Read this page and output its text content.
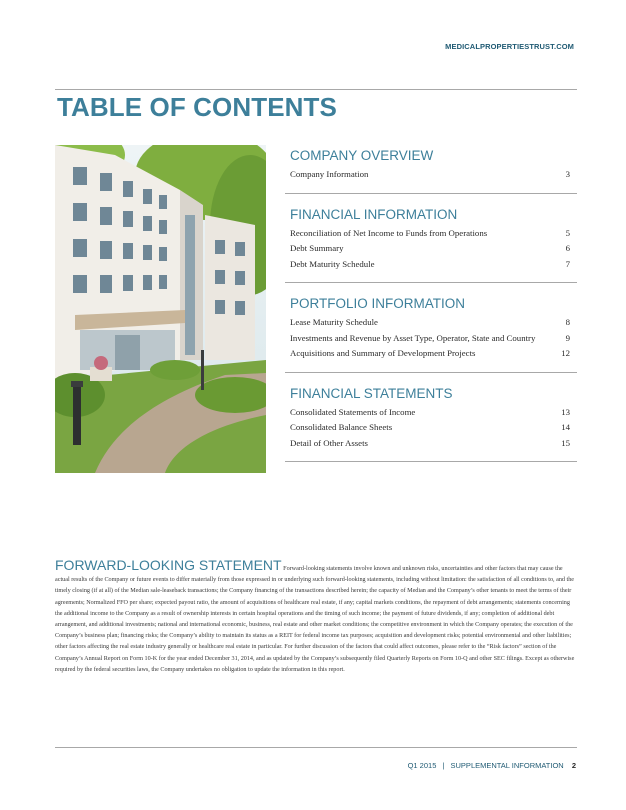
MEDICALPROPERTIESTRUST.COM
TABLE OF CONTENTS
COMPANY OVERVIEW
Company Information	3
FINANCIAL INFORMATION
Reconciliation of Net Income to Funds from Operations	5
Debt Summary	6
Debt Maturity Schedule	7
PORTFOLIO INFORMATION
Lease Maturity Schedule	8
Investments and Revenue by Asset Type, Operator, State and Country	9
Acquisitions and Summary of Development Projects	12
FINANCIAL STATEMENTS
Consolidated Statements of Income	13
Consolidated Balance Sheets	14
Detail of Other Assets	15
FORWARD-LOOKING STATEMENT Forward-looking statements involve known and unknown risks, uncertainties and other factors that may cause the actual results of the Company or future events to differ materially from those expressed in or underlying such forward-looking statements, including without limitation: the satisfaction of all conditions to, and the timely closing (if at all) of the Median sale-leaseback transactions; the Company financing of the transactions described herein; the capacity of Median and the Company’s other tenants to meet the terms of their agreements; Normalized FFO per share; expected payout ratio, the amount of acquisitions of healthcare real estate, if any; capital markets conditions, the repayment of debt arrangements; statements concerning the additional income to the Company as a result of ownership interests in certain hospital operations and the timing of such income; the payment of future dividends, if any; completion of additional debt arrangement, and additional investments; national and international economic, business, real estate and other market conditions; the competitive environment in which the Company operates; the execution of the Company’s business plan; financing risks; the Company’s ability to maintain its status as a REIT for federal income tax purposes; acquisition and development risks; potential environmental and other liabilities; other factors affecting the real estate industry generally or healthcare real estate in particular. For further discussion of the factors that could affect outcomes, please refer to the “Risk factors” section of the Company’s Annual Report on Form 10-K for the year ended December 31, 2014, and as updated by the Company’s subsequently filed Quarterly Reports on Form 10-Q and other SEC filings. Except as otherwise required by the federal securities laws, the Company undertakes no obligation to update the information in this report.
Q1 2015 | SUPPLEMENTAL INFORMATION 2
